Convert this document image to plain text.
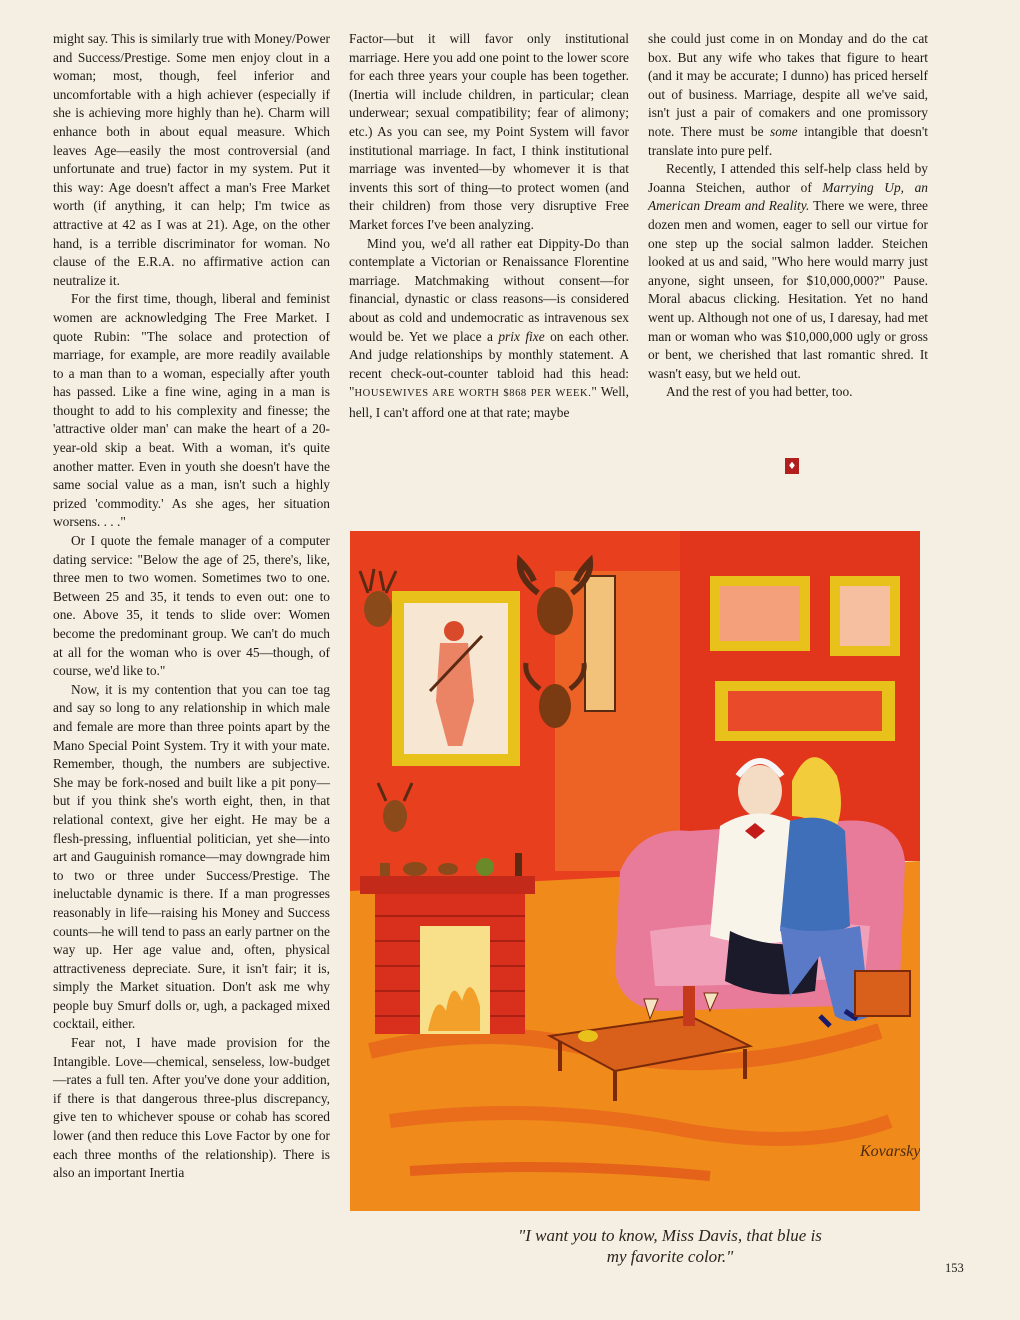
might say. This is similarly true with Money/Power and Success/Prestige. Some men enjoy clout in a woman; most, though, feel inferior and uncomfortable with a high achiever (especially if she is achieving more highly than he). Charm will enhance both in about equal measure. Which leaves Age—easily the most controversial (and unfortunate and true) factor in my system. Put it this way: Age doesn't affect a man's Free Market worth (if anything, it can help; I'm twice as attractive at 42 as I was at 21). Age, on the other hand, is a terrible discriminator for woman. No clause of the E.R.A. no affirmative action can neutralize it.

For the first time, though, liberal and feminist women are acknowledging The Free Market. I quote Rubin: "The solace and protection of marriage, for example, are more readily available to a man than to a woman, especially after youth has passed. Like a fine wine, aging in a man is thought to add to his complexity and finesse; the 'attractive older man' can make the heart of a 20-year-old skip a beat. With a woman, it's quite another matter. Even in youth she doesn't have the same social value as a man, isn't such a highly prized 'commodity.' As she ages, her situation worsens. . . ."

Or I quote the female manager of a computer dating service: "Below the age of 25, there's, like, three men to two women. Sometimes two to one. Between 25 and 35, it tends to even out: one to one. Above 35, it tends to slide over: Women become the predominant group. We can't do much at all for the woman who is over 45—though, of course, we'd like to."

Now, it is my contention that you can toe tag and say so long to any relationship in which male and female are more than three points apart by the Mano Special Point System. Try it with your mate. Remember, though, the numbers are subjective. She may be fork-nosed and built like a pit pony—but if you think she's worth eight, then, in that relational context, give her eight. He may be a flesh-pressing, influential politician, yet she—into art and Gauguinish romance—may downgrade him to two or three under Success/Prestige. The ineluctable dynamic is there. If a man progresses reasonably in life—raising his Money and Success counts—he will tend to pass an early partner on the way up. Her age value and, often, physical attractiveness depreciate. Sure, it isn't fair; it is, simply the Market situation. Don't ask me why people buy Smurf dolls or, ugh, a packaged mixed cocktail, either.

Fear not, I have made provision for the Intangible. Love—chemical, senseless, low-budget—rates a full ten. After you've done your addition, if there is that dangerous three-plus discrepancy, give ten to whichever spouse or cohab has scored lower (and then reduce this Love Factor by one for each three months of the relationship). There is also an important Inertia

Factor—but it will favor only institutional marriage. Here you add one point to the lower score for each three years your couple has been together. (Inertia will include children, in particular; clean underwear; sexual compatibility; fear of alimony; etc.) As you can see, my Point System will favor institutional marriage. In fact, I think institutional marriage was invented—by whomever it is that invents this sort of thing—to protect women (and their children) from those very disruptive Free Market forces I've been analyzing.

Mind you, we'd all rather eat Dippity-Do than contemplate a Victorian or Renaissance Florentine marriage. Matchmaking without consent—for financial, dynastic or class reasons—is considered about as cold and undemocratic as intravenous sex would be. Yet we place a prix fixe on each other. And judge relationships by monthly statement. A recent check-out-counter tabloid had this head: "HOUSEWIVES ARE WORTH $868 PER WEEK." Well, hell, I can't afford one at that rate; maybe

she could just come in on Monday and do the cat box. But any wife who takes that figure to heart (and it may be accurate; I dunno) has priced herself out of business. Marriage, despite all we've said, isn't just a pair of comakers and one promissory note. There must be some intangible that doesn't translate into pure pelf.

Recently, I attended this self-help class held by Joanna Steichen, author of Marrying Up, an American Dream and Reality. There we were, three dozen men and women, eager to sell our virtue for one step up the social salmon ladder. Steichen looked at us and said, "Who here would marry just anyone, sight unseen, for $10,000,000?" Pause. Moral abacus clicking. Hesitation. Yet no hand went up. Although not one of us, I daresay, had met man or woman who was $10,000,000 ugly or gross or bent, we cherished that last romantic shred. It wasn't easy, but we held out.

And the rest of you had better, too.

♦
Kovarsky
"I want you to know, Miss Davis, that blue is
my favorite color."
153
